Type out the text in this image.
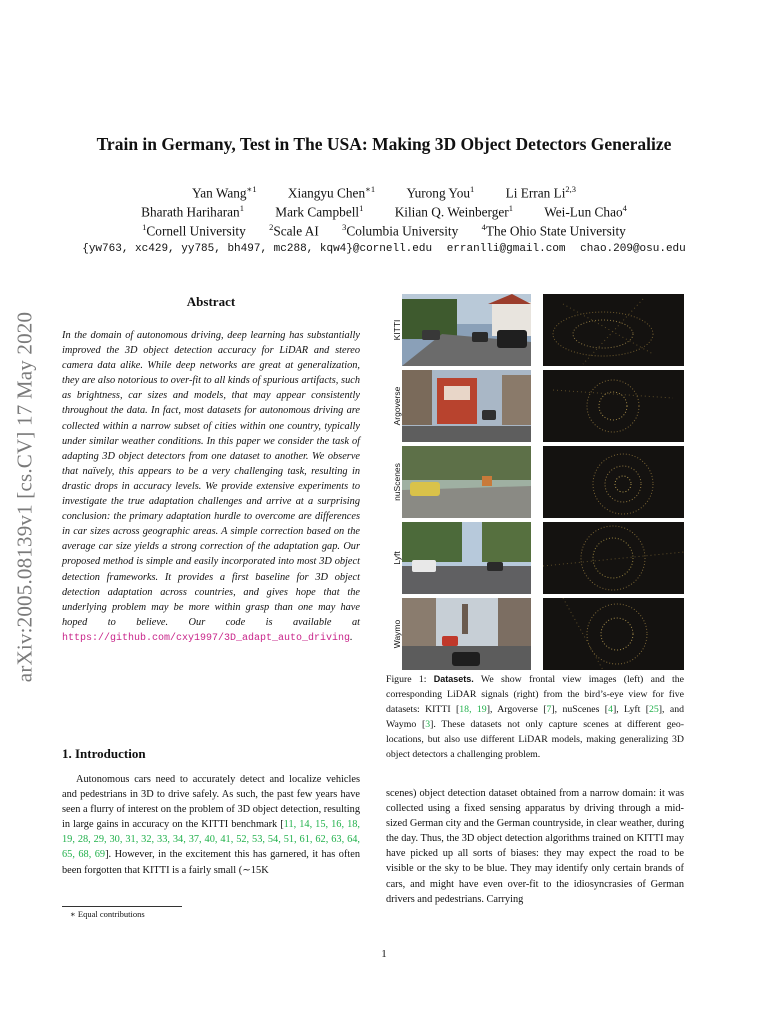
arXiv:2005.08139v1 [cs.CV] 17 May 2020
Train in Germany, Test in The USA: Making 3D Object Detectors Generalize
Yan Wang$^{∗1}$ Xiangyu Chen$^{∗1}$ Yurong You$^1$ Li Erran Li$^{2,3}$
Bharath Hariharan$^1$ Mark Campbell$^1$ Kilian Q. Weinberger$^1$ Wei-Lun Chao$^4$
$^1$Cornell University	$^2$Scale AI	$^3$Columbia University	$^4$The Ohio State University
{yw763, xc429, yy785, bh497, mc288, kqw4}@cornell.edu erranlli@gmail.com chao.209@osu.edu
Abstract
In the domain of autonomous driving, deep learning has substantially improved the 3D object detection accuracy for LiDAR and stereo camera data alike. While deep networks are great at generalization, they are also notorious to over-fit to all kinds of spurious artifacts, such as brightness, car sizes and models, that may appear consistently throughout the data. In fact, most datasets for autonomous driving are collected within a narrow subset of cities within one country, typically under similar weather conditions. In this paper we consider the task of adapting 3D object detectors from one dataset to another. We observe that naïvely, this appears to be a very challenging task, resulting in drastic drops in accuracy levels. We provide extensive experiments to investigate the true adaptation challenges and arrive at a surprising conclusion: the primary adaptation hurdle to overcome are differences in car sizes across geographic areas. A simple correction based on the average car size yields a strong correction of the adaptation gap. Our proposed method is simple and easily incorporated into most 3D object detection frameworks. It provides a first baseline for 3D object detection adaptation across countries, and gives hope that the underlying problem may be more within grasp than one may have hoped to believe. Our code is available at https://github.com/cxy1997/3D_adapt_auto_driving.
1. Introduction
Autonomous cars need to accurately detect and localize vehicles and pedestrians in 3D to drive safely. As such, the past few years have seen a flurry of interest on the problem of 3D object detection, resulting in large gains in accuracy on the KITTI benchmark [11, 14, 15, 16, 18, 19, 28, 29, 30, 31, 32, 33, 34, 37, 40, 41, 52, 53, 54, 51, 61, 62, 63, 64, 65, 68, 69]. However, in the excitement this has garnered, it has often been forgotten that KITTI is a fairly small (∼15K
∗ Equal contributions
1
KITTI
Argoverse
nuScenes
Lyft
Waymo
Figure 1: Datasets. We show frontal view images (left) and the corresponding LiDAR signals (right) from the bird’s-eye view for five datasets: KITTI [18, 19], Argoverse [7], nuScenes [4], Lyft [25], and Waymo [3]. These datasets not only capture scenes at different geo-locations, but also use different LiDAR models, making generalizing 3D object detectors a challenging problem.
scenes) object detection dataset obtained from a narrow domain: it was collected using a fixed sensing apparatus by driving through a mid-sized German city and the German countryside, in clear weather, during the day. Thus, the 3D object detection algorithms trained on KITTI may have picked up all sorts of biases: they may expect the road to be visible or the sky to be blue. They may identify only certain brands of cars, and might have even over-fit to the idiosyncrasies of German drivers and pedestrians. Carrying
